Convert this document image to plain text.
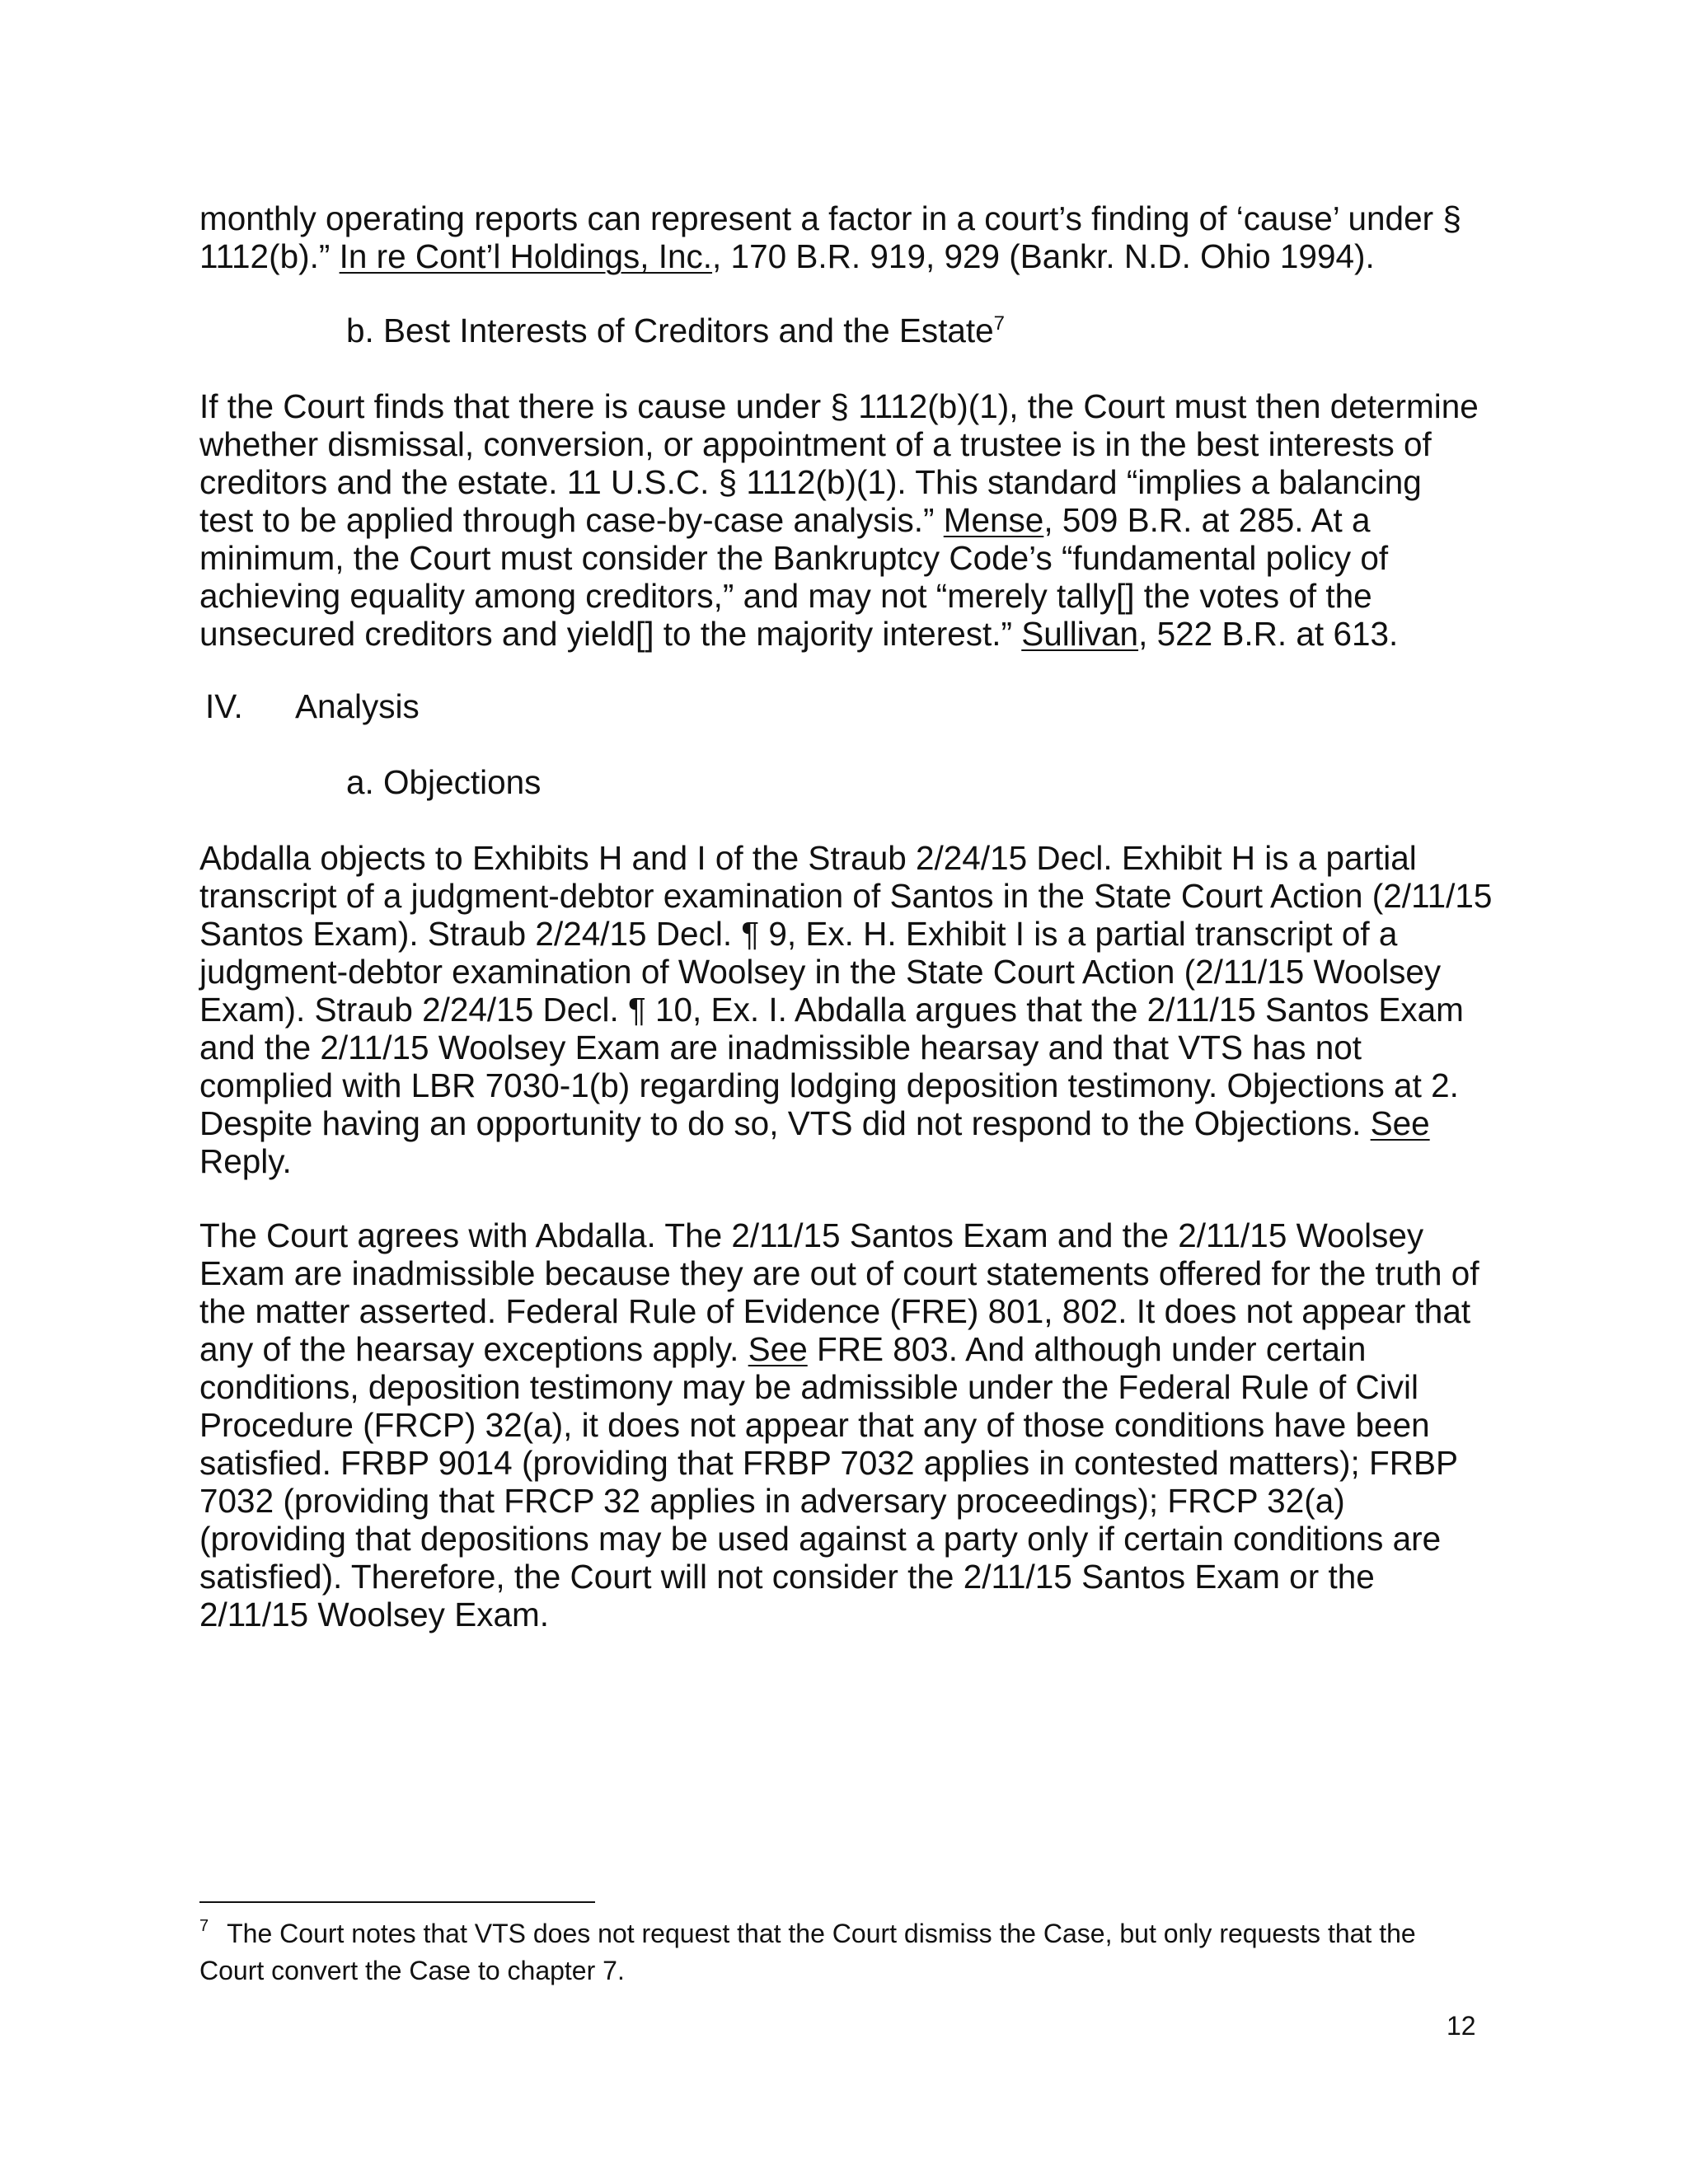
monthly operating reports can represent a factor in a court’s finding of ‘cause’ under §
1112(b).” In re Cont’l Holdings, Inc., 170 B.R. 919, 929 (Bankr. N.D. Ohio 1994).
b. Best Interests of Creditors and the Estate$^7$
If the Court finds that there is cause under § 1112(b)(1), the Court must then determine
whether dismissal, conversion, or appointment of a trustee is in the best interests of
creditors and the estate. 11 U.S.C. § 1112(b)(1). This standard “implies a balancing
test to be applied through case-by-case analysis.” Mense, 509 B.R. at 285. At a
minimum, the Court must consider the Bankruptcy Code’s “fundamental policy of
achieving equality among creditors,” and may not “merely tally[] the votes of the
unsecured creditors and yield[] to the majority interest.” Sullivan, 522 B.R. at 613.
IV. Analysis
a. Objections
Abdalla objects to Exhibits H and I of the Straub 2/24/15 Decl. Exhibit H is a partial
transcript of a judgment-debtor examination of Santos in the State Court Action (2/11/15
Santos Exam). Straub 2/24/15 Decl. ¶ 9, Ex. H. Exhibit I is a partial transcript of a
judgment-debtor examination of Woolsey in the State Court Action (2/11/15 Woolsey
Exam). Straub 2/24/15 Decl. ¶ 10, Ex. I. Abdalla argues that the 2/11/15 Santos Exam
and the 2/11/15 Woolsey Exam are inadmissible hearsay and that VTS has not
complied with LBR 7030-1(b) regarding lodging deposition testimony. Objections at 2.
Despite having an opportunity to do so, VTS did not respond to the Objections. See
Reply.
The Court agrees with Abdalla. The 2/11/15 Santos Exam and the 2/11/15 Woolsey
Exam are inadmissible because they are out of court statements offered for the truth of
the matter asserted. Federal Rule of Evidence (FRE) 801, 802. It does not appear that
any of the hearsay exceptions apply. See FRE 803. And although under certain
conditions, deposition testimony may be admissible under the Federal Rule of Civil
Procedure (FRCP) 32(a), it does not appear that any of those conditions have been
satisfied. FRBP 9014 (providing that FRBP 7032 applies in contested matters); FRBP
7032 (providing that FRCP 32 applies in adversary proceedings); FRCP 32(a)
(providing that depositions may be used against a party only if certain conditions are
satisfied). Therefore, the Court will not consider the 2/11/15 Santos Exam or the
2/11/15 Woolsey Exam.
$^7$ The Court notes that VTS does not request that the Court dismiss the Case, but only requests that the
Court convert the Case to chapter 7.
12
